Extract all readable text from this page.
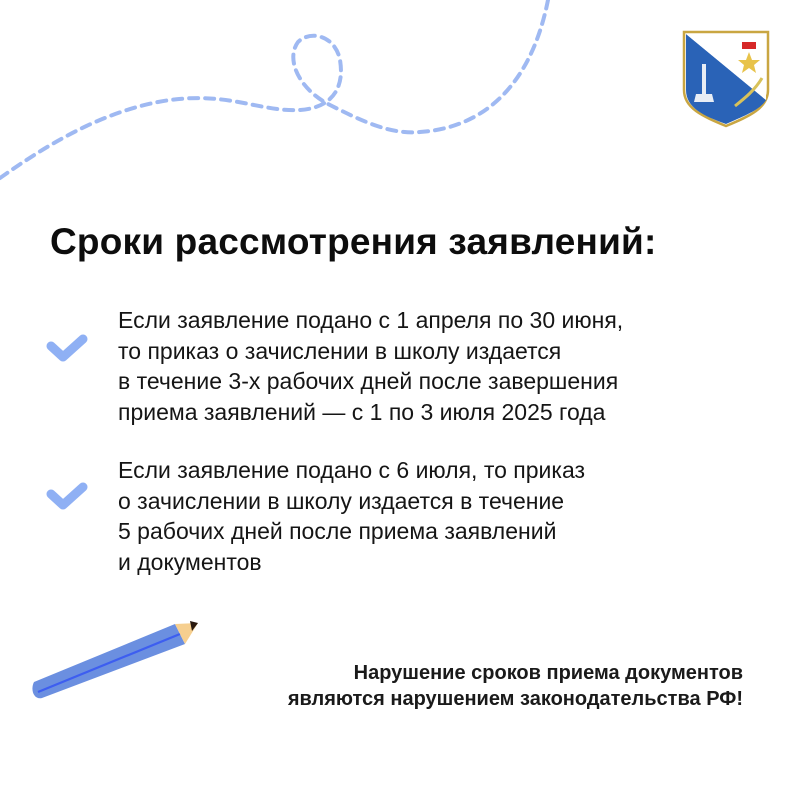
Сроки рассмотрения заявлений:

Если заявление подано с 1 апреля по 30 июня,

то приказ о зачислении в школу издается

в течение 3-х рабочих дней после завершения

приема заявлений — с 1 по 3 июля 2025 года

Если заявление подано с 6 июля, то приказ

о зачислении в школу издается в течение

5 рабочих дней после приема заявлений

и документов

Нарушение сроков приема документов

являются нарушением законодательства РФ!
